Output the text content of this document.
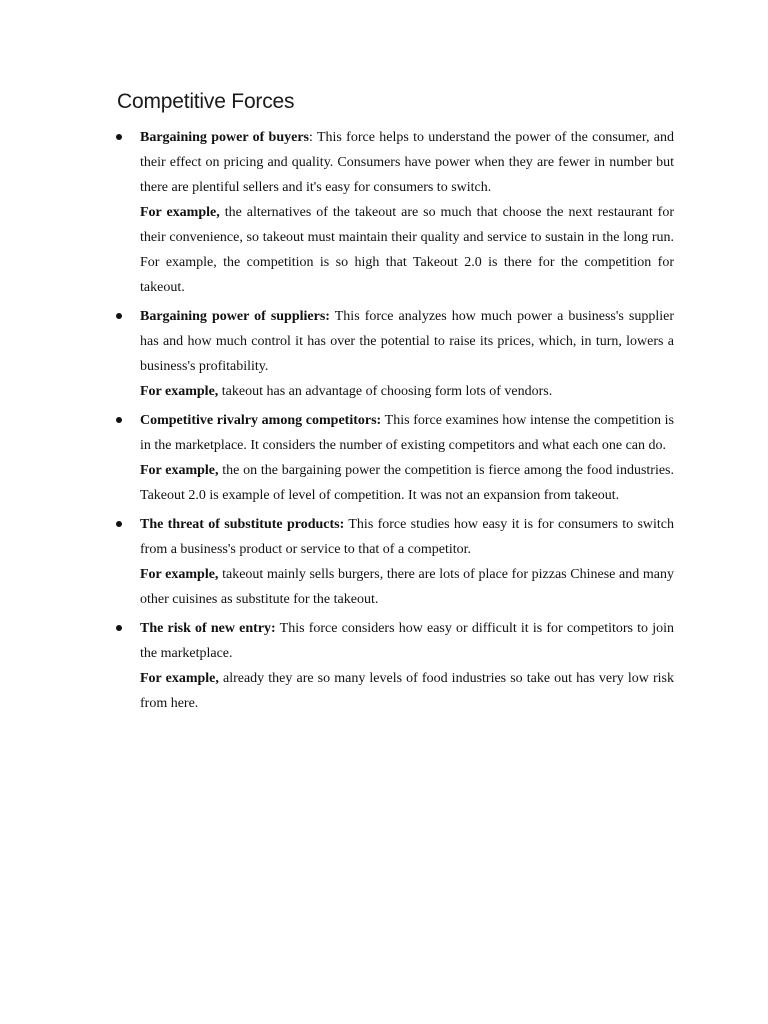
Competitive Forces

Bargaining power of buyers: This force helps to understand the power of the consumer, and their effect on pricing and quality. Consumers have power when they are fewer in number but there are plentiful sellers and it's easy for consumers to switch.

For example, the alternatives of the takeout are so much that choose the next restaurant for their convenience, so takeout must maintain their quality and service to sustain in the long run. For example, the competition is so high that Takeout 2.0 is there for the competition for takeout.

Bargaining power of suppliers: This force analyzes how much power a business's supplier has and how much control it has over the potential to raise its prices, which, in turn, lowers a business's profitability.

For example, takeout has an advantage of choosing form lots of vendors.

Competitive rivalry among competitors: This force examines how intense the competition is in the marketplace. It considers the number of existing competitors and what each one can do.

For example, the on the bargaining power the competition is fierce among the food industries. Takeout 2.0 is example of level of competition. It was not an expansion from takeout.

The threat of substitute products: This force studies how easy it is for consumers to switch from a business's product or service to that of a competitor.

For example, takeout mainly sells burgers, there are lots of place for pizzas Chinese and many other cuisines as substitute for the takeout.

The risk of new entry: This force considers how easy or difficult it is for competitors to join the marketplace.

For example, already they are so many levels of food industries so take out has very low risk from here.
